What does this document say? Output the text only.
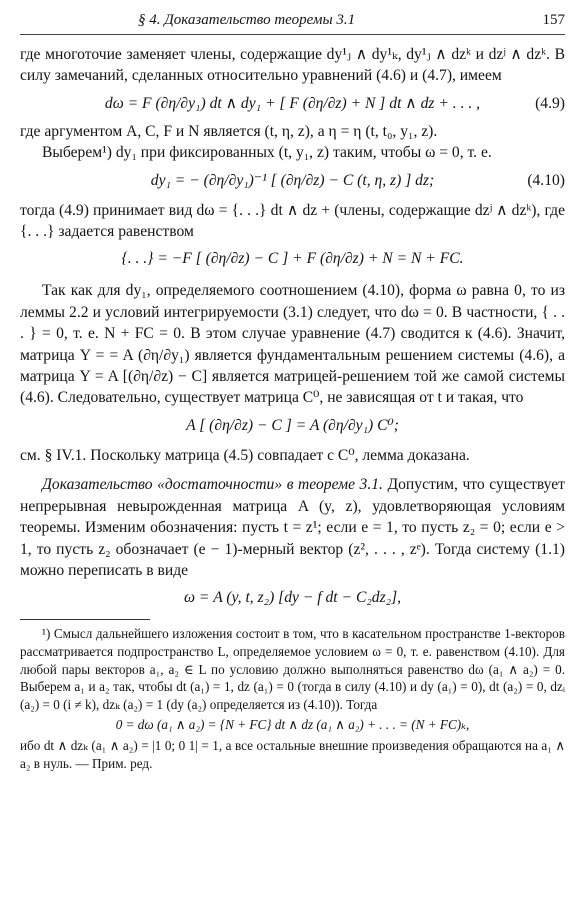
§ 4. Доказательство теоремы 3.1	157

где многоточие заменяет члены, содержащие dy¹ⱼ ∧ dy¹ₖ, dy¹ⱼ ∧ dzᵏ и dzʲ ∧ dzᵏ. В силу замечаний, сделанных относительно уравнений (4.6) и (4.7), имеем

dω = F (∂η/∂y₁) dt ∧ dy₁ + [ F (∂η/∂z) + N ] dt ∧ dz + . . . ,	(4.9)

где аргументом A, C, F и N является (t, η, z), а η = η (t, t₀, y₁, z).

Выберем¹) dy₁ при фиксированных (t, y₁, z) таким, чтобы ω = 0, т. е.

dy₁ = − (∂η/∂y₁)⁻¹ [ (∂η/∂z) − C (t, η, z) ] dz;	(4.10)

тогда (4.9) принимает вид dω = {. . .} dt ∧ dz + (члены, содержащие dzʲ ∧ dzᵏ), где {. . .} задается равенством

{. . .} = −F [ (∂η/∂z) − C ] + F (∂η/∂z) + N = N + FC.

Так как для dy₁, определяемого соотношением (4.10), форма ω равна 0, то из леммы 2.2 и условий интегрируемости (3.1) следует, что dω = 0. В частности, { . . . } = 0, т. е. N + FC = 0. В этом случае уравнение (4.7) сводится к (4.6). Значит, матрица Y = = A (∂η/∂y₁) является фундаментальным решением системы (4.6), а матрица Y = A [(∂η/∂z) − C] является матрицей-решением той же самой системы (4.6). Следовательно, существует матрица C⁰, не зависящая от t и такая, что

A [ (∂η/∂z) − C ] = A (∂η/∂y₁) C⁰;

см. § IV.1. Поскольку матрица (4.5) совпадает с C⁰, лемма доказана.

Доказательство «достаточности» в теореме 3.1. Допустим, что существует непрерывная невырожденная матрица A (y, z), удовлетворяющая условиям теоремы. Изменим обозначения: пусть t = z¹; если e = 1, то пусть z₂ = 0; если e > 1, то пусть z₂ обозначает (e − 1)-мерный вектор (z², . . . , zᵉ). Тогда систему (1.1) можно переписать в виде

ω = A (y, t, z₂) [dy − f dt − C₂dz₂],

¹) Смысл дальнейшего изложения состоит в том, что в касательном пространстве 1-векторов рассматривается подпространство L, определяемое условием ω = 0, т. е. равенством (4.10). Для любой пары векторов a₁, a₂ ∈ L по условию должно выполняться равенство dω (a₁ ∧ a₂) = 0. Выберем a₁ и a₂ так, чтобы dt (a₁) = 1, dz (a₁) = 0 (тогда в силу (4.10) и dy (a₁) = 0), dt (a₂) = 0, dzᵢ (a₂) = 0 (i ≠ k), dzₖ (a₂) = 1 (dy (a₂) определяется из (4.10)). Тогда

0 = dω (a₁ ∧ a₂) = {N + FC} dt ∧ dz (a₁ ∧ a₂) + . . . = (N + FC)ₖ,

ибо dt ∧ dzₖ (a₁ ∧ a₂) = |1 0; 0 1| = 1, а все остальные внешние произведения обращаются на a₁ ∧ a₂ в нуль. — Прим. ред.
